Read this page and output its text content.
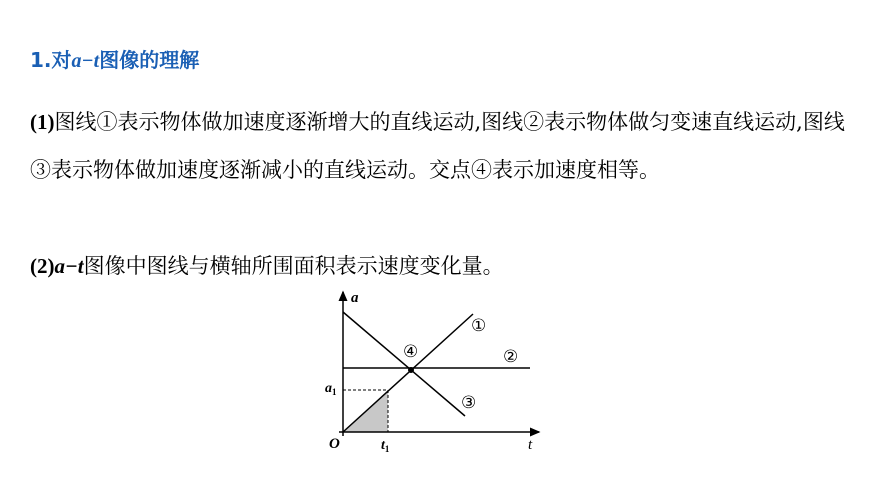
1.对a−t图像的理解
(1)图线①表示物体做加速度逐渐增大的直线运动,图线②表示物体做匀变速直线运动,图线③表示物体做加速度逐渐减小的直线运动。交点④表示加速度相等。
(2)a−t图像中图线与横轴所围面积表示速度变化量。
a
t
O
$a_1$
$t_1$
①
②
③
④
